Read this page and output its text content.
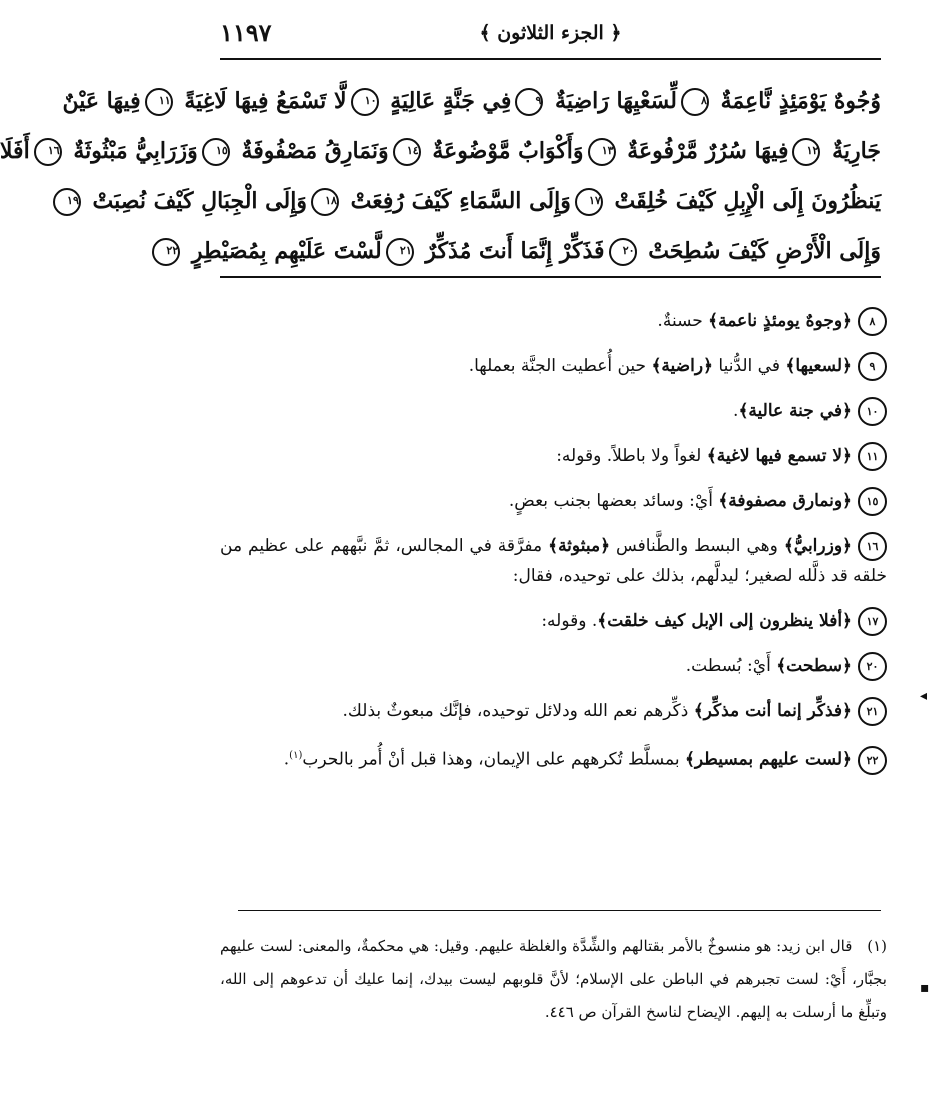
١١٩٧	﴿ الجزء الثلاثون ﴾
وُجُوهٌ يَوْمَئِذٍ نَّاعِمَةٌ ٨لِّسَعْيِهَا رَاضِيَةٌ ٩فِي جَنَّةٍ عَالِيَةٍ ١٠لَّا تَسْمَعُ فِيهَا لَاغِيَةً ١١فِيهَا عَيْنٌ
جَارِيَةٌ ١٢فِيهَا سُرُرٌ مَّرْفُوعَةٌ ١٣وَأَكْوَابٌ مَّوْضُوعَةٌ ١٤وَنَمَارِقُ مَصْفُوفَةٌ ١٥وَزَرَابِيُّ مَبْثُوثَةٌ ١٦أَفَلَا
يَنظُرُونَ إِلَى الْإِبِلِ كَيْفَ خُلِقَتْ ١٧وَإِلَى السَّمَاءِ كَيْفَ رُفِعَتْ ١٨وَإِلَى الْجِبَالِ كَيْفَ نُصِبَتْ ١٩
وَإِلَى الْأَرْضِ كَيْفَ سُطِحَتْ ٢٠فَذَكِّرْ إِنَّمَا أَنتَ مُذَكِّرٌ ٢١لَّسْتَ عَلَيْهِم بِمُصَيْطِرٍ ٢٢
٨﴿وجوهٌ يومئذٍ ناعمة﴾ حسنةٌ.
٩﴿لسعيها﴾ في الدُّنيا ﴿راضية﴾ حين أُعطيت الجنَّة بعملها.
١٠﴿في جنة عالية﴾.
١١﴿لا تسمع فيها لاغية﴾ لغواً ولا باطلاً. وقوله:
١٥﴿ونمارق مصفوفة﴾ أَيْ: وسائد بعضها بجنب بعضٍ.
١٦﴿وزرابيُّ﴾ وهي البسط والطَّنافس ﴿مبثوثة﴾ مفرَّقة في المجالس، ثمَّ نبَّههم على عظيم من خلقه قد ذلَّله لصغير؛ ليدلَّهم، بذلك على توحيده، فقال:
١٧﴿أفلا ينظرون إلى الإبل كيف خلقت﴾. وقوله:
٢٠﴿سطحت﴾ أَيْ: بُسطت.
٢١﴿فذكِّر إنما أنت مذكِّر﴾ ذكِّرهم نعم الله ودلائل توحيده، فإنَّك مبعوثٌ بذلك.
٢٢﴿لست عليهم بمسيطر﴾ بمسلَّط تُكرههم على الإيمان، وهذا قبل أنْ أُمر بالحرب$^{(١)}$.
(١) قال ابن زيد: هو منسوخٌ بالأمر بقتالهم والشِّدَّة والغلظة عليهم. وقيل: هي محكمةٌ، والمعنى: لست عليهم بجبَّار، أَيْ: لست تجبرهم في الباطن على الإسلام؛ لأنَّ قلوبهم ليست بيدك، إنما عليك أن تدعوهم إلى الله، وتبلِّغ ما أرسلت به إليهم. الإيضاح لناسخ القرآن ص ٤٤٦.
◂
▪
